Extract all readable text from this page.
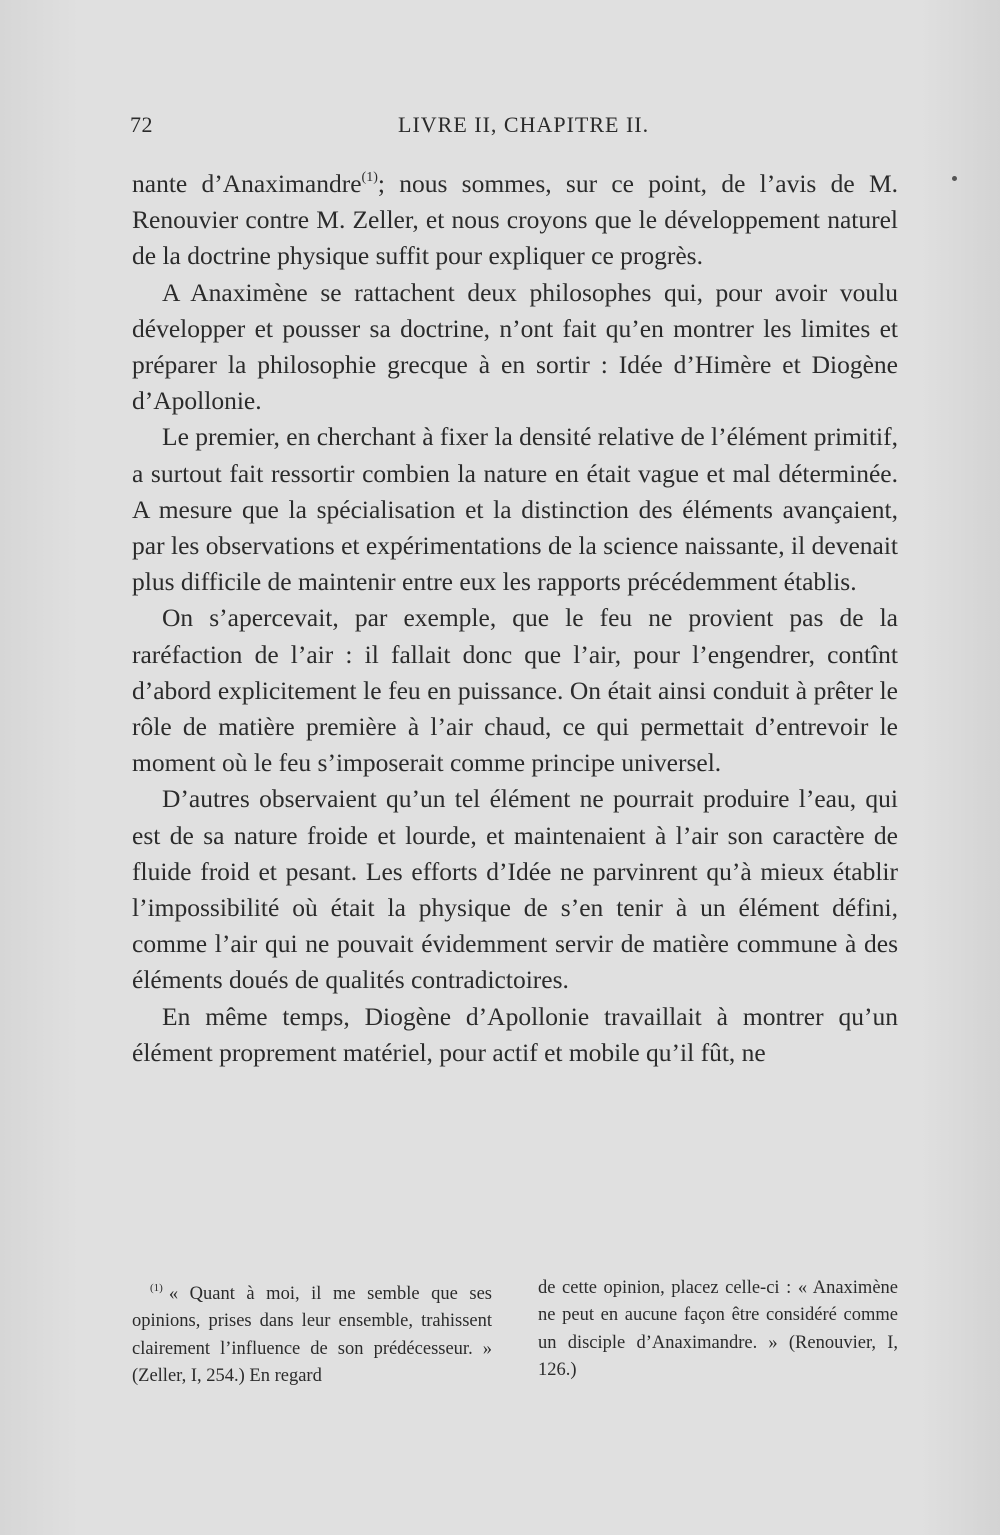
72	LIVRE II, CHAPITRE II.

nante d’Anaximandre$^{(1)}$; nous sommes, sur ce point, de l’avis de M. Renouvier contre M. Zeller, et nous croyons que le développement naturel de la doctrine physique suffit pour expliquer ce progrès.

A Anaximène se rattachent deux philosophes qui, pour avoir voulu développer et pousser sa doctrine, n’ont fait qu’en montrer les limites et préparer la philosophie grecque à en sortir : Idée d’Himère et Diogène d’Apollonie.

Le premier, en cherchant à fixer la densité relative de l’élément primitif, a surtout fait ressortir combien la nature en était vague et mal déterminée. A mesure que la spécialisation et la distinction des éléments avançaient, par les observations et expérimentations de la science naissante, il devenait plus difficile de maintenir entre eux les rapports précédemment établis.

On s’apercevait, par exemple, que le feu ne provient pas de la raréfaction de l’air : il fallait donc que l’air, pour l’engendrer, contînt d’abord explicitement le feu en puissance. On était ainsi conduit à prêter le rôle de matière première à l’air chaud, ce qui permettait d’entrevoir le moment où le feu s’imposerait comme principe universel.

D’autres observaient qu’un tel élément ne pourrait produire l’eau, qui est de sa nature froide et lourde, et maintenaient à l’air son caractère de fluide froid et pesant. Les efforts d’Idée ne parvinrent qu’à mieux établir l’impossibilité où était la physique de s’en tenir à un élément défini, comme l’air qui ne pouvait évidemment servir de matière commune à des éléments doués de qualités contradictoires.

En même temps, Diogène d’Apollonie travaillait à montrer qu’un élément proprement matériel, pour actif et mobile qu’il fût, ne

$^{(1)}$ « Quant à moi, il me semble que ses opinions, prises dans leur ensemble, trahissent clairement l’influence de son prédécesseur. » (Zeller, I, 254.) En regard

de cette opinion, placez celle-ci : « Anaximène ne peut en aucune façon être considéré comme un disciple d’Anaximandre. » (Renouvier, I, 126.)
